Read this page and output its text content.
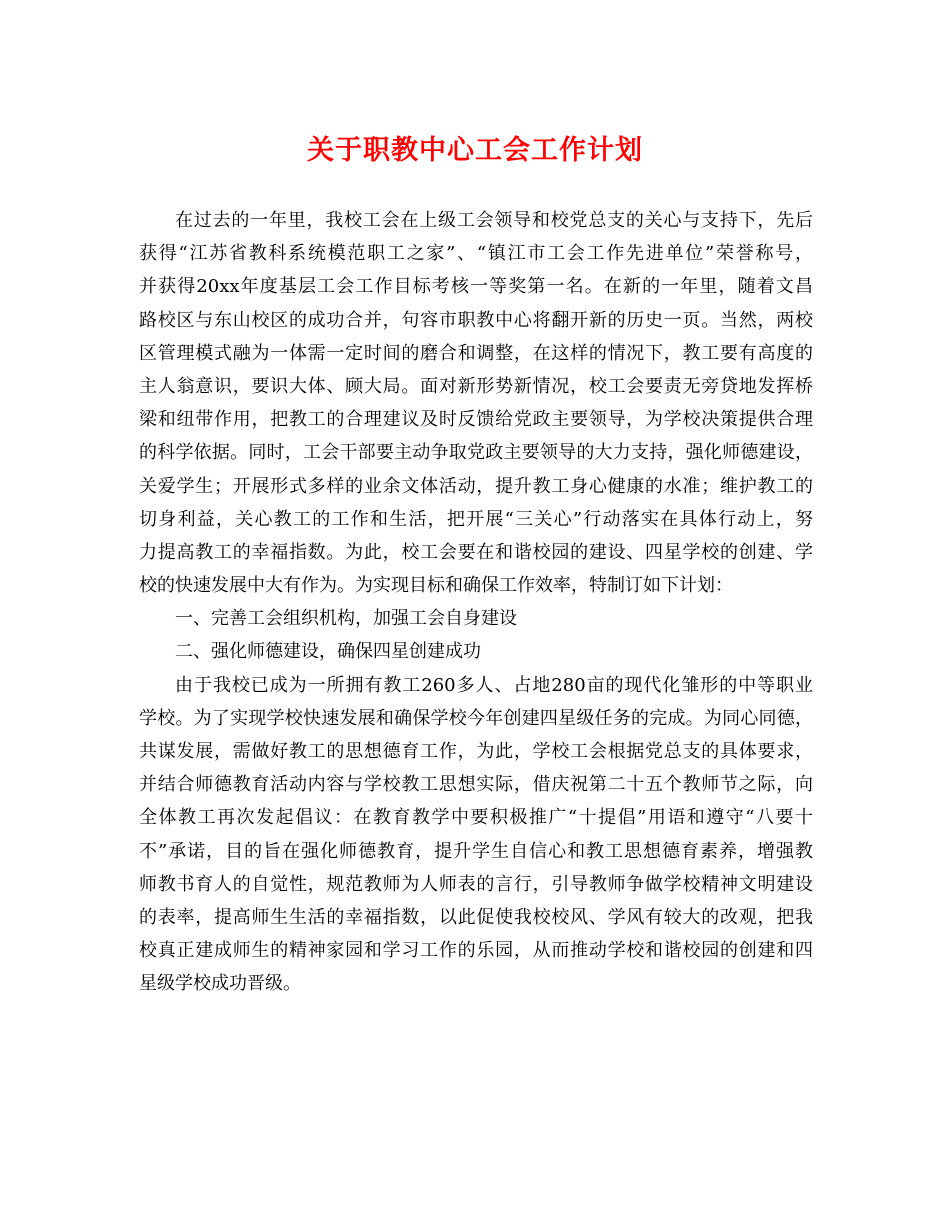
关于职教中心工会工作计划
在过去的一年里，我校工会在上级工会领导和校党总支的关心与支持下，先后
获得“江苏省教科系统模范职工之家”、“镇江市工会工作先进单位”荣誉称号，
并获得20xx年度基层工会工作目标考核一等奖第一名。在新的一年里，随着文昌
路校区与东山校区的成功合并，句容市职教中心将翻开新的历史一页。当然，两校
区管理模式融为一体需一定时间的磨合和调整，在这样的情况下，教工要有高度的
主人翁意识，要识大体、顾大局。面对新形势新情况，校工会要责无旁贷地发挥桥
梁和纽带作用，把教工的合理建议及时反馈给党政主要领导，为学校决策提供合理
的科学依据。同时，工会干部要主动争取党政主要领导的大力支持，强化师德建设，
关爱学生；开展形式多样的业余文体活动，提升教工身心健康的水准；维护教工的
切身利益，关心教工的工作和生活，把开展“三关心”行动落实在具体行动上，努
力提高教工的幸福指数。为此，校工会要在和谐校园的建设、四星学校的创建、学
校的快速发展中大有作为。为实现目标和确保工作效率，特制订如下计划：
一、完善工会组织机构，加强工会自身建设
二、强化师德建设，确保四星创建成功
由于我校已成为一所拥有教工260多人、占地280亩的现代化雏形的中等职业
学校。为了实现学校快速发展和确保学校今年创建四星级任务的完成。为同心同德，
共谋发展，需做好教工的思想德育工作，为此，学校工会根据党总支的具体要求，
并结合师德教育活动内容与学校教工思想实际，借庆祝第二十五个教师节之际，向
全体教工再次发起倡议：在教育教学中要积极推广“十提倡”用语和遵守“八要十
不”承诺，目的旨在强化师德教育，提升学生自信心和教工思想德育素养，增强教
师教书育人的自觉性，规范教师为人师表的言行，引导教师争做学校精神文明建设
的表率，提高师生生活的幸福指数，以此促使我校校风、学风有较大的改观，把我
校真正建成师生的精神家园和学习工作的乐园，从而推动学校和谐校园的创建和四
星级学校成功晋级。
